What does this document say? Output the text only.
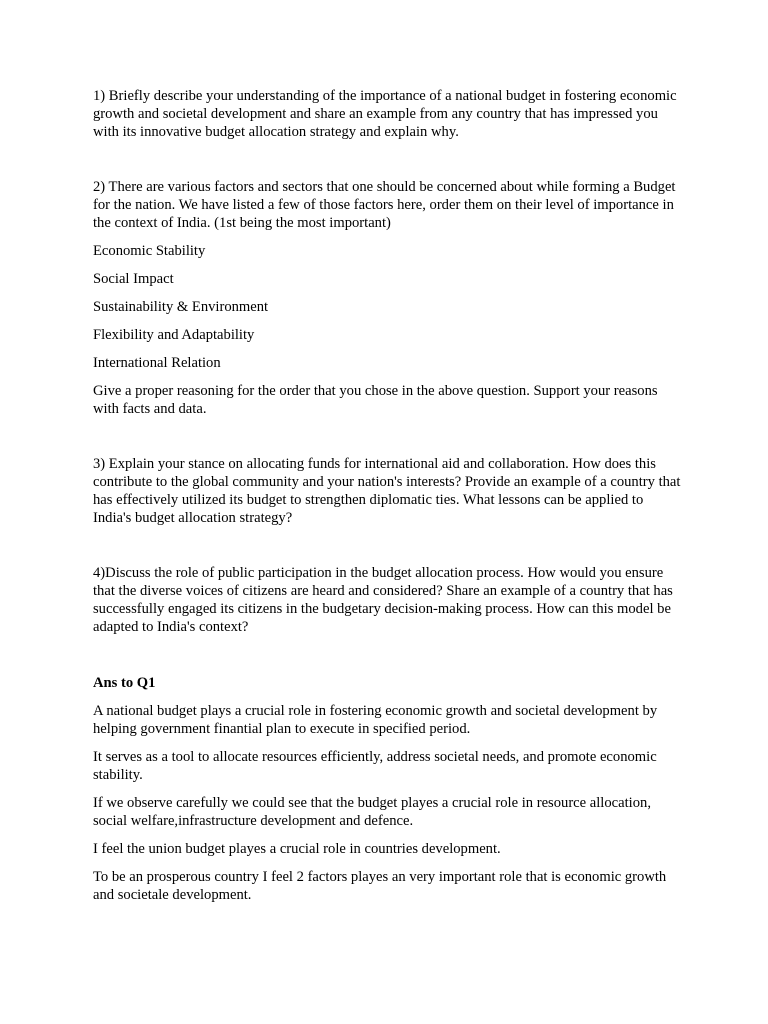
1) Briefly describe your understanding of the importance of a national budget in fostering economic growth and societal development and share an example from any country that has impressed you with its innovative budget allocation strategy and explain why.

2) There are various factors and sectors that one should be concerned about while forming a Budget for the nation. We have listed a few of those factors here, order them on their level of importance in the context of India. (1st being the most important)

Economic Stability

Social Impact

Sustainability & Environment

Flexibility and Adaptability

International Relation

Give a proper reasoning for the order that you chose in the above question. Support your reasons with facts and data.

3) Explain your stance on allocating funds for international aid and collaboration. How does this contribute to the global community and your nation's interests? Provide an example of a country that has effectively utilized its budget to strengthen diplomatic ties. What lessons can be applied to India's budget allocation strategy?

4)Discuss the role of public participation in the budget allocation process. How would you ensure that the diverse voices of citizens are heard and considered? Share an example of a country that has successfully engaged its citizens in the budgetary decision-making process. How can this model be adapted to India's context?

Ans to Q1

A national budget plays a crucial role in fostering economic growth and societal development by helping government finantial plan to execute in specified period.

It serves as a tool to allocate resources efficiently, address societal needs, and promote economic stability.

If we observe carefully we could see that the budget playes a crucial role in resource allocation, social welfare,infrastructure development and defence.

I feel the union budget playes a crucial role in countries development.

To be an prosperous country I feel 2 factors playes an very important role that is economic growth and societale development.
